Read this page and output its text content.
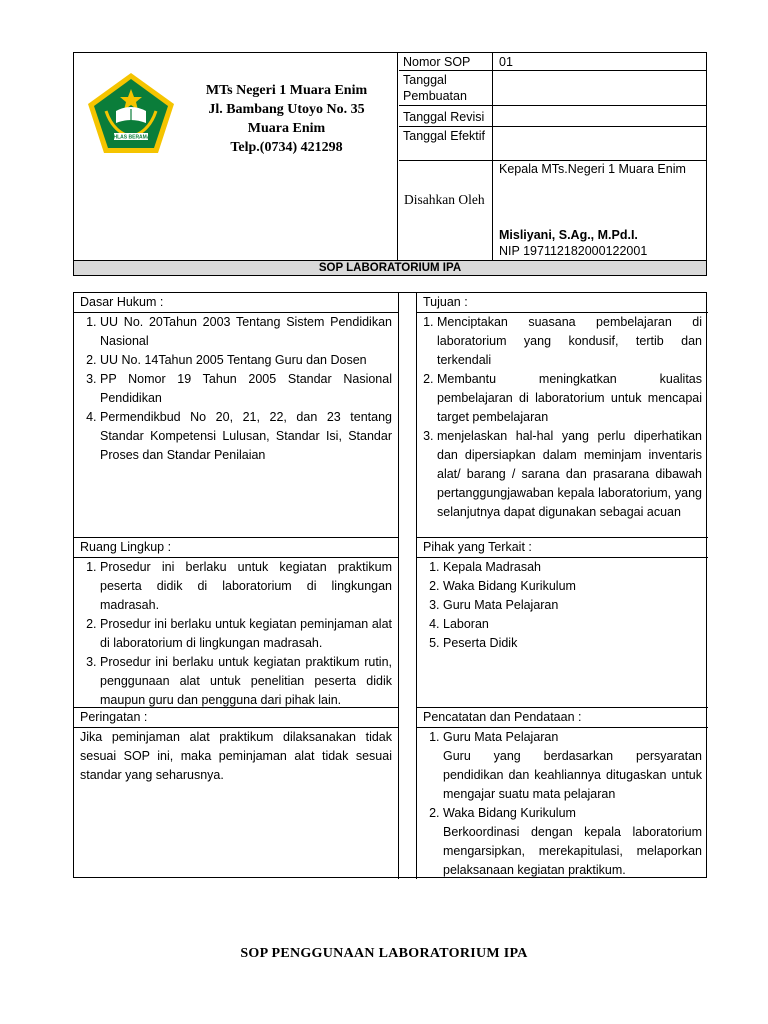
IKHLAS BERAMAL
MTs Negeri 1 Muara Enim
Jl. Bambang Utoyo No. 35
Muara Enim
Telp.(0734) 421298
Nomor SOP	01
Tanggal Pembuatan
Tanggal Revisi
Tanggal Efektif
Disahkan Oleh
Kepala MTs.Negeri 1 Muara Enim
Misliyani, S.Ag., M.Pd.I.
NIP 197112182000122001
SOP LABORATORIUM IPA
Dasar Hukum :
1. UU No. 20Tahun 2003 Tentang Sistem Pendidikan Nasional
2. UU No. 14Tahun 2005 Tentang Guru dan Dosen
3. PP Nomor 19 Tahun 2005 Standar Nasional Pendidikan
4. Permendikbud No 20, 21, 22, dan 23 tentang Standar Kompetensi Lulusan, Standar Isi, Standar Proses dan Standar Penilaian
Tujuan :
1. Menciptakan suasana pembelajaran di laboratorium yang kondusif, tertib dan terkendali
2. Membantu meningkatkan kualitas pembelajaran di laboratorium untuk mencapai target pembelajaran
3. menjelaskan hal-hal yang perlu diperhatikan dan dipersiapkan dalam meminjam inventaris alat/ barang / sarana dan prasarana dibawah pertanggungjawaban kepala laboratorium, yang selanjutnya dapat digunakan sebagai acuan
Ruang Lingkup :
1. Prosedur ini berlaku untuk kegiatan praktikum peserta didik di laboratorium di lingkungan madrasah.
2. Prosedur ini berlaku untuk kegiatan peminjaman alat di laboratorium di lingkungan madrasah.
3. Prosedur ini berlaku untuk kegiatan praktikum rutin, penggunaan alat untuk penelitian peserta didik maupun guru dan pengguna dari pihak lain.
Pihak yang Terkait :
1. Kepala Madrasah
2. Waka Bidang Kurikulum
3. Guru Mata Pelajaran
4. Laboran
5. Peserta Didik
Peringatan :
Jika peminjaman alat praktikum dilaksanakan tidak sesuai SOP ini, maka peminjaman alat tidak sesuai standar yang seharusnya.
Pencatatan dan Pendataan :
1. Guru Mata Pelajaran
Guru yang berdasarkan persyaratan pendidikan dan keahliannya ditugaskan untuk mengajar suatu mata pelajaran
2. Waka Bidang Kurikulum
Berkoordinasi dengan kepala laboratorium mengarsipkan, merekapitulasi, melaporkan pelaksanaan kegiatan praktikum.
SOP PENGGUNAAN LABORATORIUM IPA
